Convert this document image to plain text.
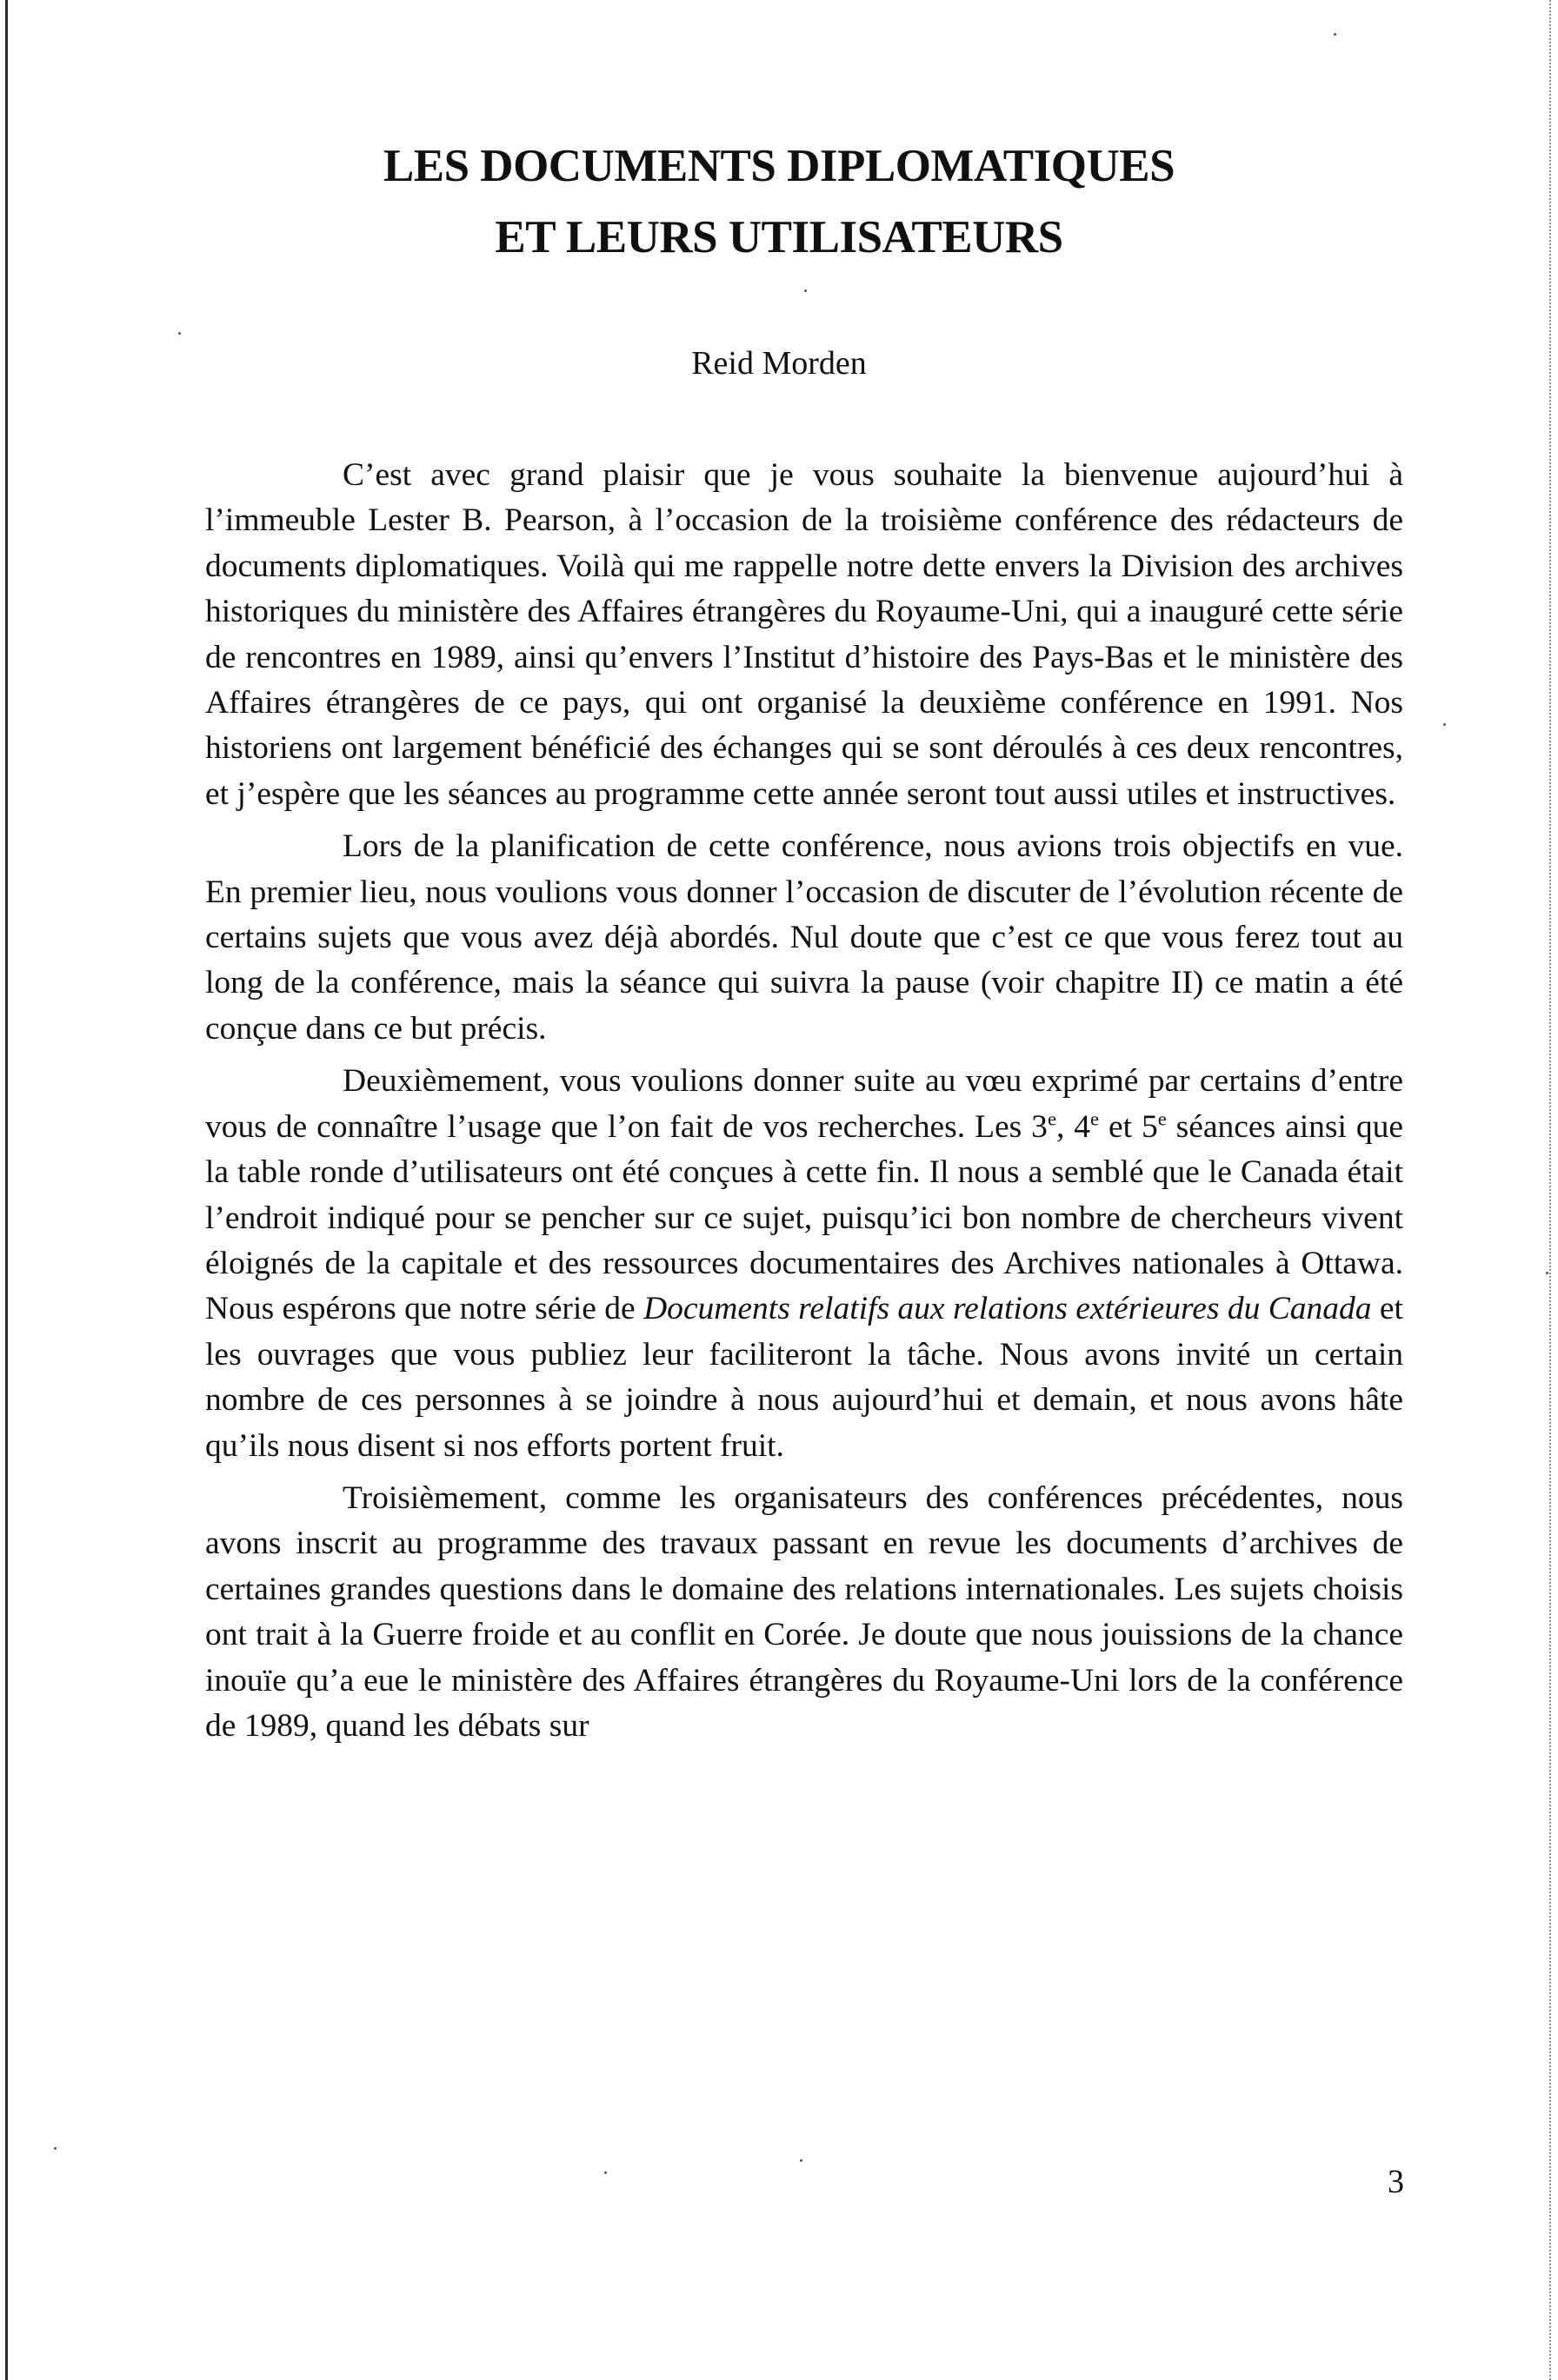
LES DOCUMENTS DIPLOMATIQUES
ET LEURS UTILISATEURS
Reid Morden

C’est avec grand plaisir que je vous souhaite la bienvenue aujourd’hui à l’immeuble Lester B. Pearson, à l’occasion de la troisième conférence des rédacteurs de documents diplomatiques. Voilà qui me rappelle notre dette envers la Division des archives historiques du ministère des Affaires étrangères du Royaume-Uni, qui a inauguré cette série de rencontres en 1989, ainsi qu’envers l’Institut d’histoire des Pays-Bas et le ministère des Affaires étrangères de ce pays, qui ont organisé la deuxième conférence en 1991. Nos historiens ont largement bénéficié des échanges qui se sont déroulés à ces deux rencontres, et j’espère que les séances au programme cette année seront tout aussi utiles et instructives.

Lors de la planification de cette conférence, nous avions trois objectifs en vue. En premier lieu, nous voulions vous donner l’occasion de discuter de l’évolution récente de certains sujets que vous avez déjà abordés. Nul doute que c’est ce que vous ferez tout au long de la conférence, mais la séance qui suivra la pause (voir chapitre II) ce matin a été conçue dans ce but précis.

Deuxièmement, vous voulions donner suite au vœu exprimé par certains d’entre vous de connaître l’usage que l’on fait de vos recherches. Les 3e, 4e et 5e séances ainsi que la table ronde d’utilisateurs ont été conçues à cette fin. Il nous a semblé que le Canada était l’endroit indiqué pour se pencher sur ce sujet, puisqu’ici bon nombre de chercheurs vivent éloignés de la capitale et des ressources documentaires des Archives nationales à Ottawa. Nous espérons que notre série de Documents relatifs aux relations extérieures du Canada et les ouvrages que vous publiez leur faciliteront la tâche. Nous avons invité un certain nombre de ces personnes à se joindre à nous aujourd’hui et demain, et nous avons hâte qu’ils nous disent si nos efforts portent fruit.

Troisièmement, comme les organisateurs des conférences précédentes, nous avons inscrit au programme des travaux passant en revue les documents d’archives de certaines grandes questions dans le domaine des relations internationales. Les sujets choisis ont trait à la Guerre froide et au conflit en Corée. Je doute que nous jouissions de la chance inouïe qu’a eue le ministère des Affaires étrangères du Royaume-Uni lors de la conférence de 1989, quand les débats sur

3
